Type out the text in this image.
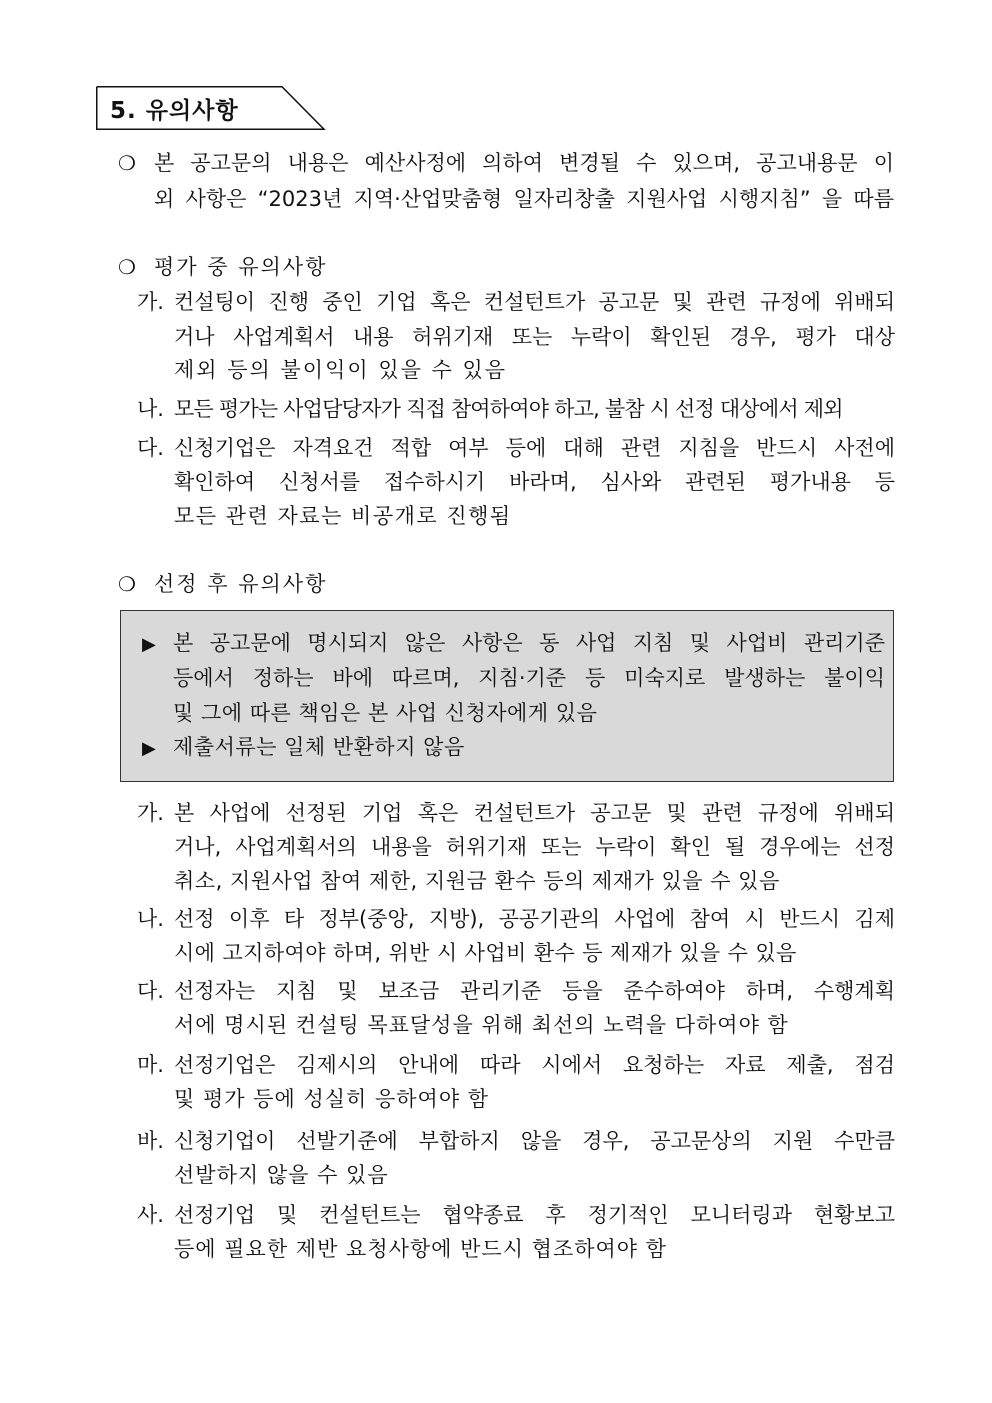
5. 유의사항
❍ 본 공고문의 내용은 예산사정에 의하여 변경될 수 있으며, 공고내용문 이
외 사항은 “2023년 지역·산업맞춤형 일자리창출 지원사업 시행지침” 을 따름
❍ 평가 중 유의사항
가. 컨설팅이 진행 중인 기업 혹은 컨설턴트가 공고문 및 관련 규정에 위배되
거나 사업계획서 내용 허위기재 또는 누락이 확인된 경우, 평가 대상
제외 등의 불이익이 있을 수 있음
나. 모든 평가는 사업담당자가 직접 참여하여야 하고, 불참 시 선정 대상에서 제외
다. 신청기업은 자격요건 적합 여부 등에 대해 관련 지침을 반드시 사전에
확인하여 신청서를 접수하시기 바라며, 심사와 관련된 평가내용 등
모든 관련 자료는 비공개로 진행됨
❍ 선정 후 유의사항
▶ 본 공고문에 명시되지 않은 사항은 동 사업 지침 및 사업비 관리기준
등에서 정하는 바에 따르며, 지침·기준 등 미숙지로 발생하는 불이익
및 그에 따른 책임은 본 사업 신청자에게 있음
▶ 제출서류는 일체 반환하지 않음
가. 본 사업에 선정된 기업 혹은 컨설턴트가 공고문 및 관련 규정에 위배되
거나, 사업계획서의 내용을 허위기재 또는 누락이 확인 될 경우에는 선정
취소, 지원사업 참여 제한, 지원금 환수 등의 제재가 있을 수 있음
나. 선정 이후 타 정부(중앙, 지방), 공공기관의 사업에 참여 시 반드시 김제
시에 고지하여야 하며, 위반 시 사업비 환수 등 제재가 있을 수 있음
다. 선정자는 지침 및 보조금 관리기준 등을 준수하여야 하며, 수행계획
서에 명시된 컨설팅 목표달성을 위해 최선의 노력을 다하여야 함
마. 선정기업은 김제시의 안내에 따라 시에서 요청하는 자료 제출, 점검
및 평가 등에 성실히 응하여야 함
바. 신청기업이 선발기준에 부합하지 않을 경우, 공고문상의 지원 수만큼
선발하지 않을 수 있음
사. 선정기업 및 컨설턴트는 협약종료 후 정기적인 모니터링과 현황보고
등에 필요한 제반 요청사항에 반드시 협조하여야 함
